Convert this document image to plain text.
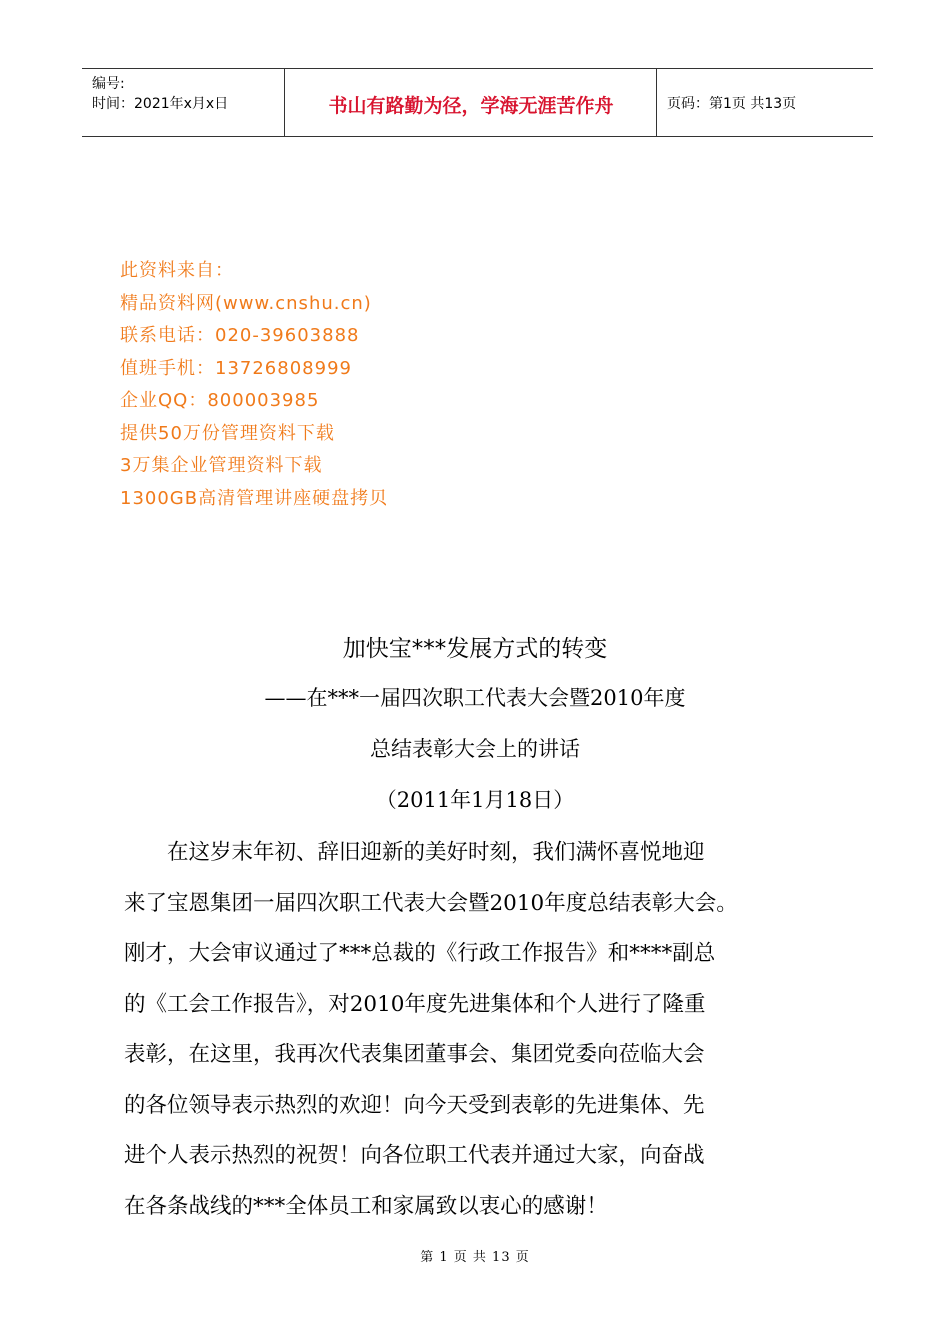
编号:
时间：2021年x月x日	书山有路勤为径，学海无涯苦作舟	页码：第1页 共13页
此资料来自：
精品资料网(www.cnshu.cn)
联系电话：020-39603888
值班手机：13726808999
企业QQ：800003985
提供50万份管理资料下载
3万集企业管理资料下载
1300GB高清管理讲座硬盘拷贝
加快宝***发展方式的转变
——在***一届四次职工代表大会暨2010年度
总结表彰大会上的讲话
（2011年1月18日）
　　在这岁末年初、辞旧迎新的美好时刻，我们满怀喜悦地迎
来了宝恩集团一届四次职工代表大会暨2010年度总结表彰大会。
刚才，大会审议通过了***总裁的《行政工作报告》和****副总
的《工会工作报告》，对2010年度先进集体和个人进行了隆重
表彰，在这里，我再次代表集团董事会、集团党委向莅临大会
的各位领导表示热烈的欢迎！向今天受到表彰的先进集体、先
进个人表示热烈的祝贺！向各位职工代表并通过大家，向奋战
在各条战线的***全体员工和家属致以衷心的感谢！
第 1 页 共 13 页
